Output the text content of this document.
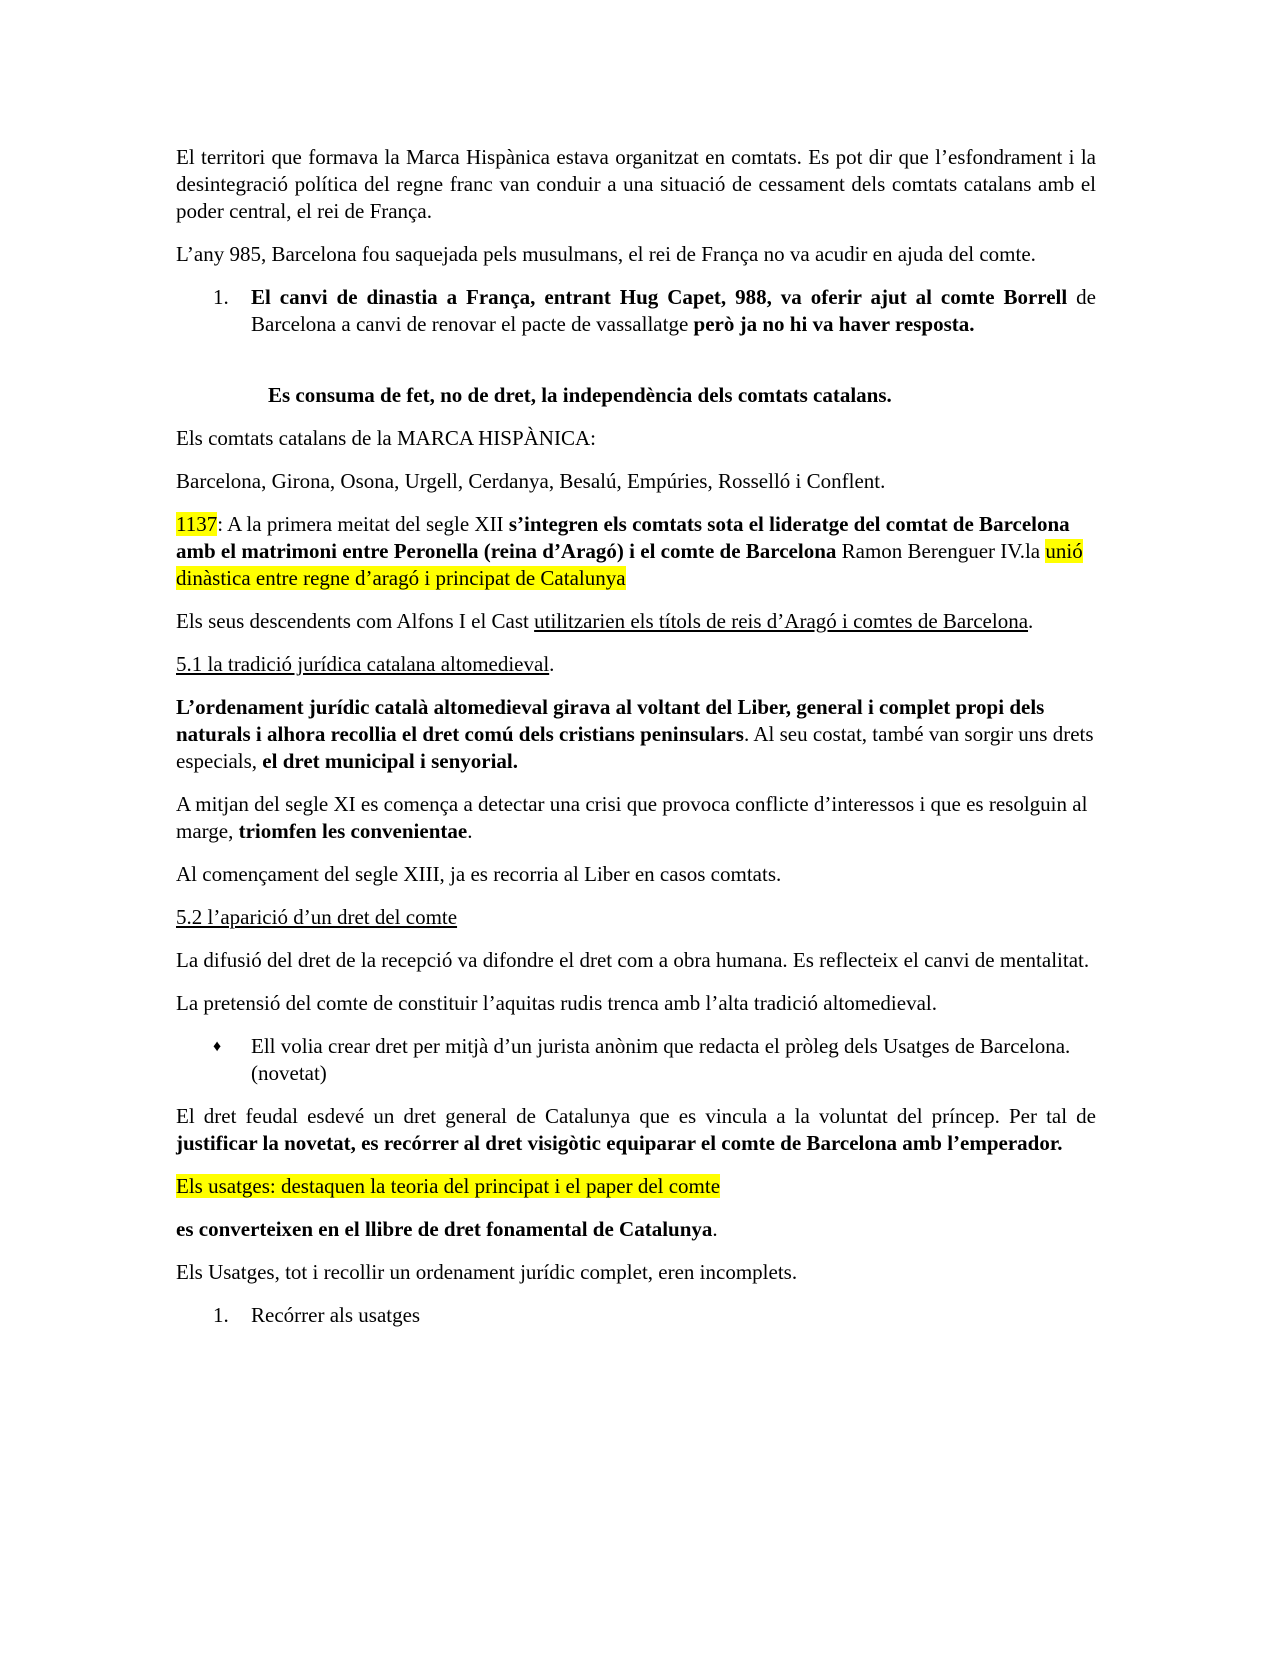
El territori que formava la Marca Hispànica estava organitzat en comtats. Es pot dir que l’esfondrament i la desintegració política del regne franc van conduir a una situació de cessament dels comtats catalans amb el poder central, el rei de França.

L’any 985, Barcelona fou saquejada pels musulmans, el rei de França no va acudir en ajuda del comte.

1. El canvi de dinastia a França, entrant Hug Capet, 988, va oferir ajut al comte Borrell de Barcelona a canvi de renovar el pacte de vassallatge però ja no hi va haver resposta.

Es consuma de fet, no de dret, la independència dels comtats catalans.

Els comtats catalans de la MARCA HISPÀNICA:

Barcelona, Girona, Osona, Urgell, Cerdanya, Besalú, Empúries, Rosselló i Conflent.

1137: A la primera meitat del segle XII s’integren els comtats sota el lideratge del comtat de Barcelona amb el matrimoni entre Peronella (reina d’Aragó) i el comte de Barcelona Ramon Berenguer IV.la unió dinàstica entre regne d’aragó i principat de Catalunya

Els seus descendents com Alfons I el Cast utilitzarien els títols de reis d’Aragó i comtes de Barcelona.

5.1 la tradició jurídica catalana altomedieval.

L’ordenament jurídic català altomedieval girava al voltant del Liber, general i complet propi dels naturals i alhora recollia el dret comú dels cristians peninsulars. Al seu costat, també van sorgir uns drets especials, el dret municipal i senyorial.

A mitjan del segle XI es comença a detectar una crisi que provoca conflicte d’interessos i que es resolguin al marge, triomfen les convenientae.

Al començament del segle XIII, ja es recorria al Liber en casos comtats.

5.2 l’aparició d’un dret del comte

La difusió del dret de la recepció va difondre el dret com a obra humana. Es reflecteix el canvi de mentalitat.

La pretensió del comte de constituir l’aquitas rudis trenca amb l’alta tradició altomedieval.

♦ Ell volia crear dret per mitjà d’un jurista anònim que redacta el pròleg dels Usatges de Barcelona. (novetat)

El dret feudal esdevé un dret general de Catalunya que es vincula a la voluntat del príncep. Per tal de justificar la novetat, es recórrer al dret visigòtic equiparar el comte de Barcelona amb l’emperador.

Els usatges: destaquen la teoria del principat i el paper del comte

es converteixen en el llibre de dret fonamental de Catalunya.

Els Usatges, tot i recollir un ordenament jurídic complet, eren incomplets.

1. Recórrer als usatges
